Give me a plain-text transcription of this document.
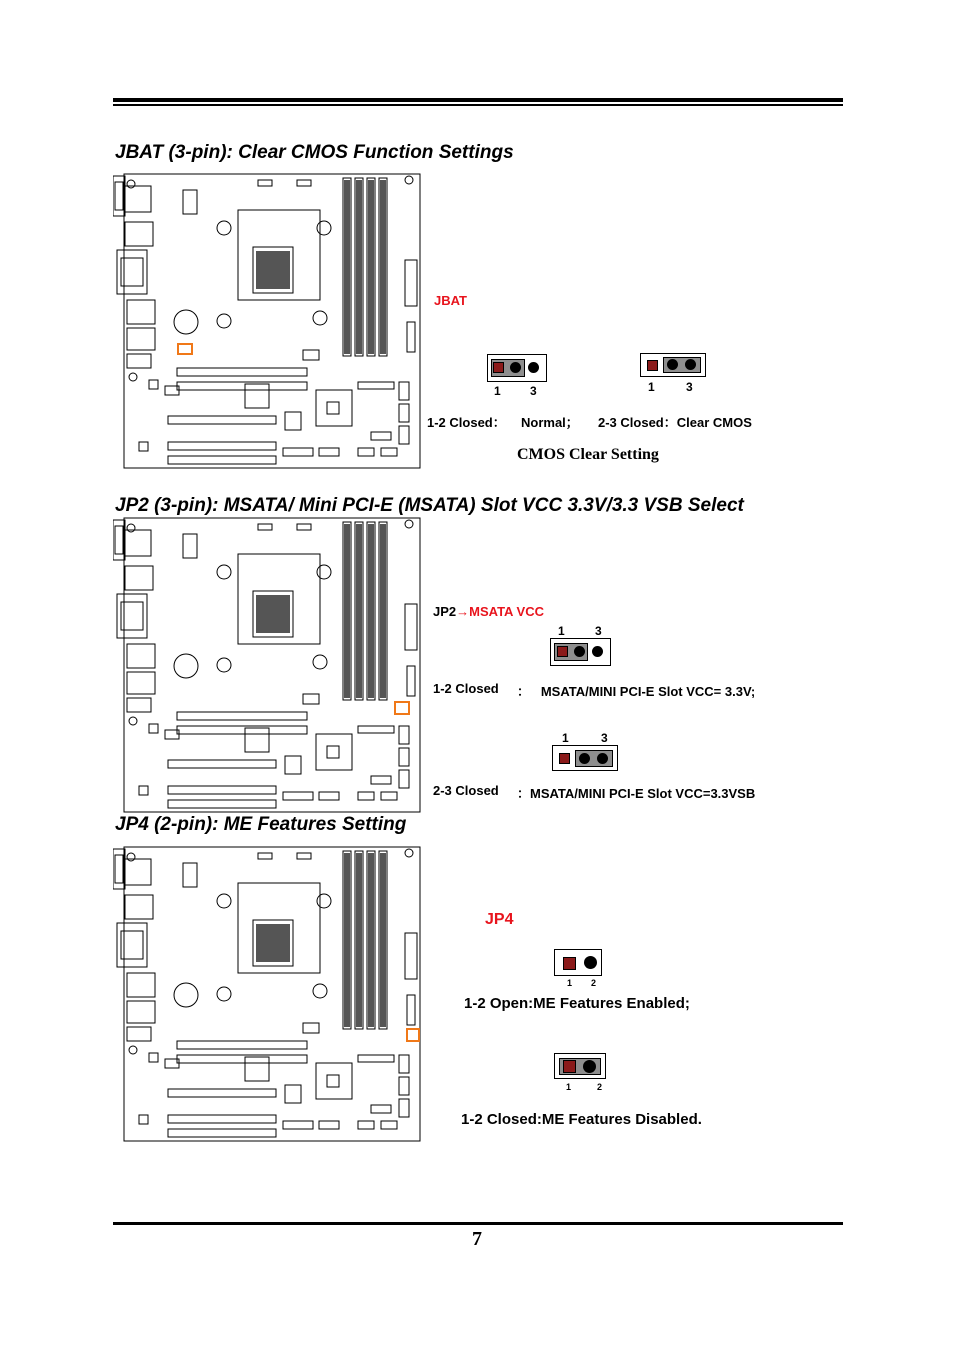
JBAT (3-pin): Clear CMOS Function Settings
JBAT
1 3	1	3
1-2 Closed： Normal； 2-3 Closed：Clear CMOS
CMOS Clear Setting
JP2 (3-pin): MSATA/ Mini PCI-E (MSATA) Slot VCC 3.3V/3.3 VSB Select
JP2→MSATA VCC
1	3
1-2 Closed ：   MSATA/MINI PCI-E Slot VCC= 3.3V;
1	3
2-3 Closed ：MSATA/MINI PCI-E Slot VCC=3.3VSB
JP4 (2-pin): ME Features Setting
JP4
1 2
1-2 Open:ME Features Enabled;
1	2
1-2 Closed:ME Features Disabled.
7
